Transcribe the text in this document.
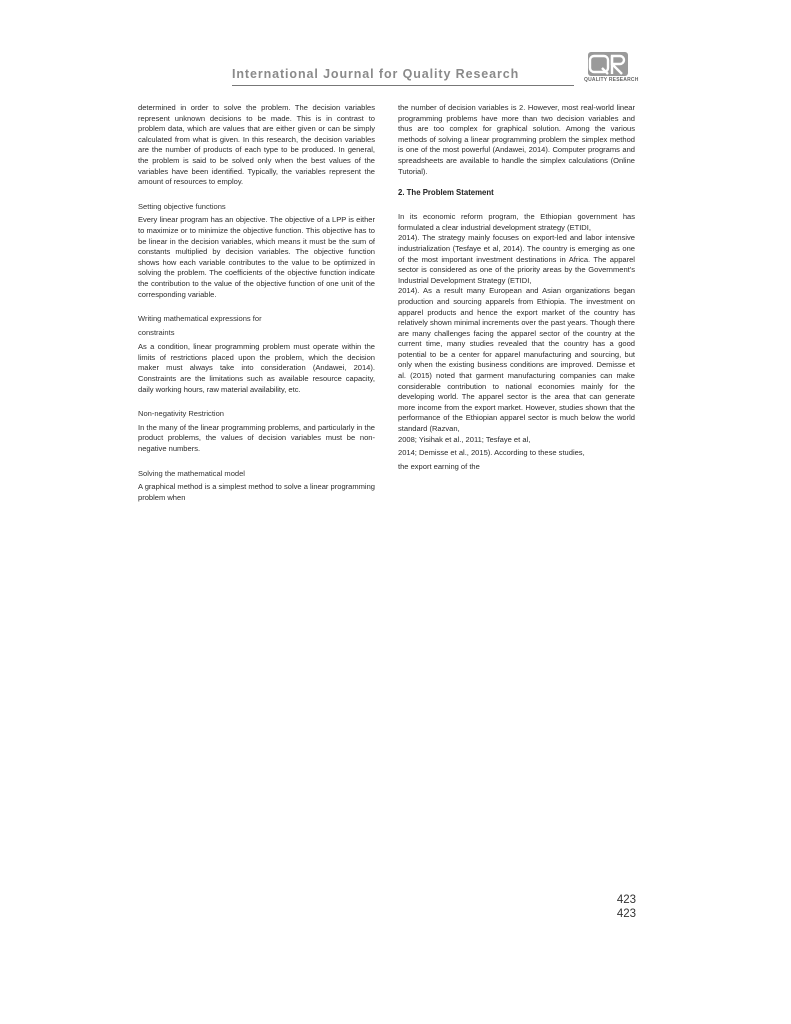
International Journal for Quality Research	QUALITY RESEARCH

determined in order to solve the problem. The decision variables represent unknown decisions to be made. This is in contrast to problem data, which are values that are either given or can be simply calculated from what is given. In this research, the decision variables are the number of products of each type to be produced. In general, the problem is said to be solved only when the best values of the variables have been identified. Typically, the variables represent the amount of resources to employ.

Setting objective functions

Every linear program has an objective. The objective of a LPP is either to maximize or to minimize the objective function. This objective has to be linear in the decision variables, which means it must be the sum of constants multiplied by decision variables. The objective function shows how each variable contributes to the value to be optimized in solving the problem. The coefficients of the objective function indicate the contribution to the value of the objective function of one unit of the corresponding variable.

Writing mathematical expressions for

constraints

As a condition, linear programming problem must operate within the limits of restrictions placed upon the problem, which the decision maker must always take into consideration (Andawei, 2014). Constraints are the limitations such as available resource capacity, daily working hours, raw material availability, etc.

Non-negativity Restriction

In the many of the linear programming problems, and particularly in the product problems, the values of decision variables must be non-negative numbers.

Solving the mathematical model

A graphical method is a simplest method to solve a linear programming problem when

the number of decision variables is 2. However, most real-world linear programming problems have more than two decision variables and thus are too complex for graphical solution. Among the various methods of solving a linear programming problem the simplex method is one of the most powerful (Andawei, 2014). Computer programs and spreadsheets are available to handle the simplex calculations (Online Tutorial).

2. The Problem Statement

In its economic reform program, the Ethiopian government has formulated a clear industrial development strategy (ETIDI,

2014). The strategy mainly focuses on export-led and labor intensive industrialization (Tesfaye et al, 2014). The country is emerging as one of the most important investment destinations in Africa. The apparel sector is considered as one of the priority areas by the Government's Industrial Development Strategy (ETIDI,

2014). As a result many European and Asian organizations began production and sourcing apparels from Ethiopia. The investment on apparel products and hence the export market of the country has relatively shown minimal increments over the past years. Though there are many challenges facing the apparel sector of the country at the current time, many studies revealed that the country has a good potential to be a center for apparel manufacturing and sourcing, but only when the existing business conditions are improved. Demisse et al. (2015) noted that garment manufacturing companies can make considerable contribution to national economies mainly for the developing world. The apparel sector is the area that can generate more income from the export market. However, studies shown that the performance of the Ethiopian apparel sector is much below the world standard (Razvan,

2008; Yisihak et al., 2011; Tesfaye et al,

2014; Demisse et al., 2015). According to these studies,

the export earning of the

423
423
